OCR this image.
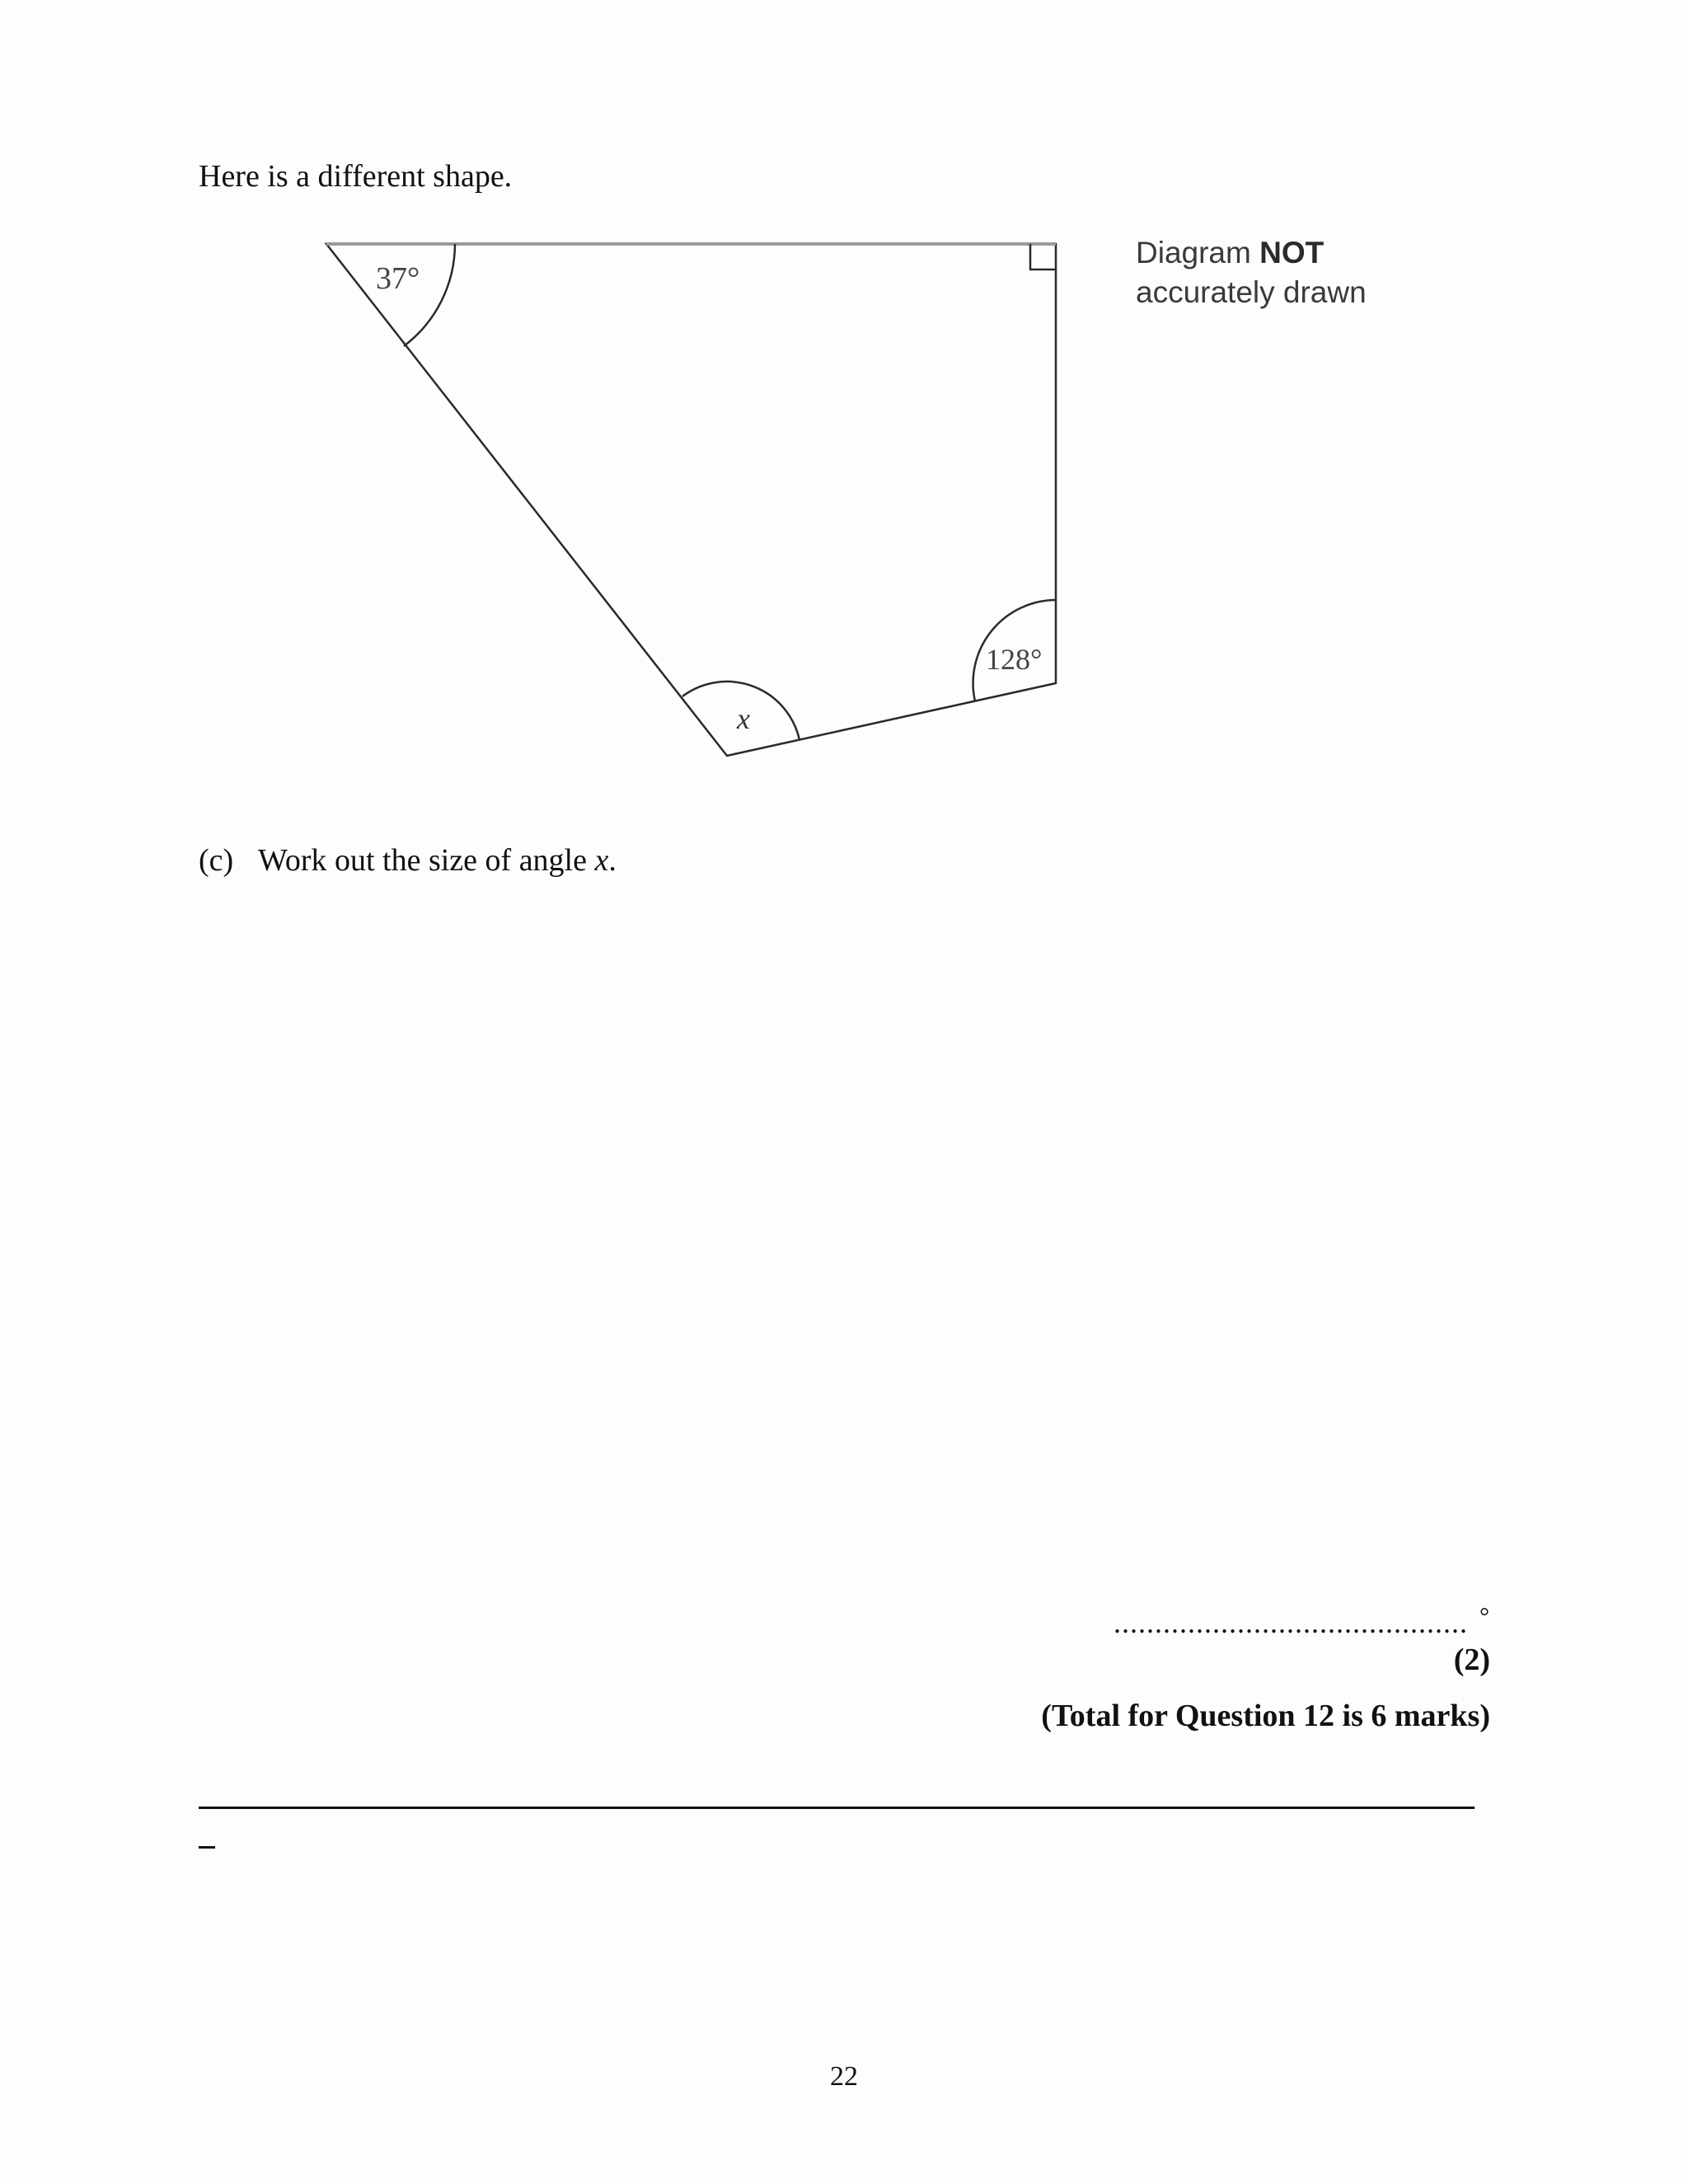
Here is a different shape.
37°
128°
x
Diagram NOT
accurately drawn
(c) Work out the size of angle x.
........................................... °
(2)
(Total for Question 12 is 6 marks)
22
